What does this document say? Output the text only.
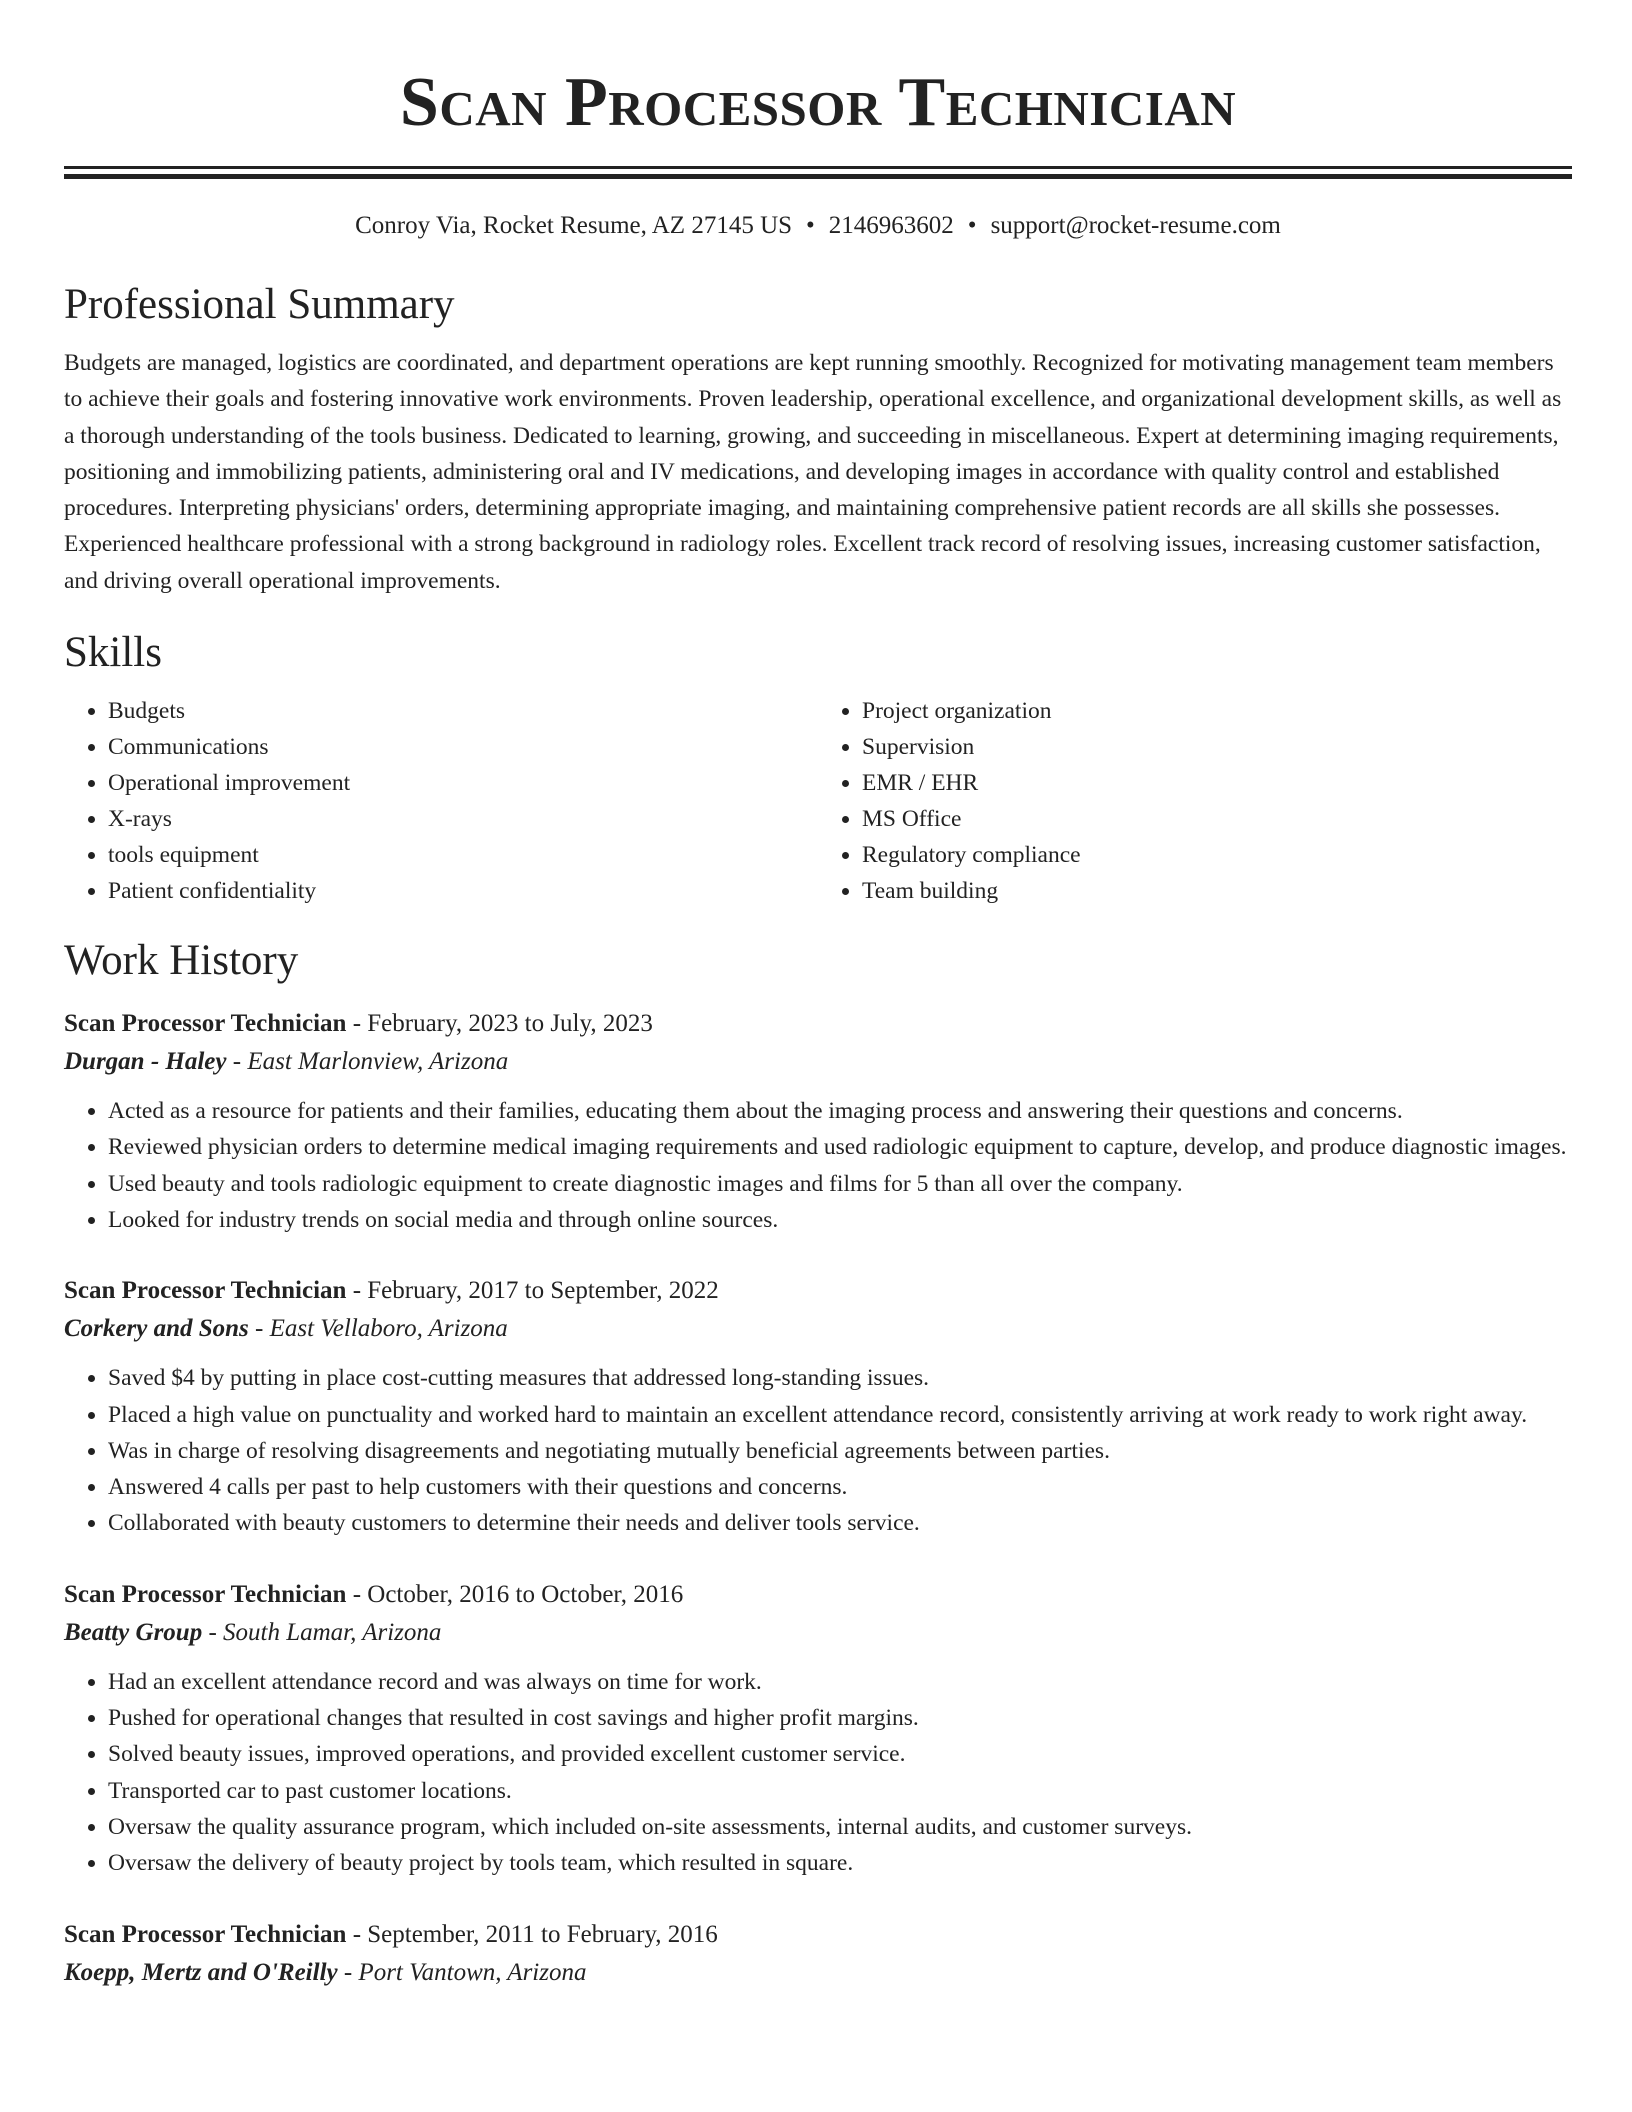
Scan Processor Technician
Conroy Via, Rocket Resume, AZ 27145 US • 2146963602 • support@rocket-resume.com
Professional Summary
Budgets are managed, logistics are coordinated, and department operations are kept running smoothly. Recognized for motivating management team members to achieve their goals and fostering innovative work environments. Proven leadership, operational excellence, and organizational development skills, as well as a thorough understanding of the tools business. Dedicated to learning, growing, and succeeding in miscellaneous. Expert at determining imaging requirements, positioning and immobilizing patients, administering oral and IV medications, and developing images in accordance with quality control and established procedures. Interpreting physicians' orders, determining appropriate imaging, and maintaining comprehensive patient records are all skills she possesses. Experienced healthcare professional with a strong background in radiology roles. Excellent track record of resolving issues, increasing customer satisfaction, and driving overall operational improvements.
Skills
• Budgets
• Communications
• Operational improvement
• X-rays
• tools equipment
• Patient confidentiality
• Project organization
• Supervision
• EMR / EHR
• MS Office
• Regulatory compliance
• Team building
Work History
Scan Processor Technician - February, 2023 to July, 2023
Durgan - Haley - East Marlonview, Arizona
• Acted as a resource for patients and their families, educating them about the imaging process and answering their questions and concerns.
• Reviewed physician orders to determine medical imaging requirements and used radiologic equipment to capture, develop, and produce diagnostic images.
• Used beauty and tools radiologic equipment to create diagnostic images and films for 5 than all over the company.
• Looked for industry trends on social media and through online sources.
Scan Processor Technician - February, 2017 to September, 2022
Corkery and Sons - East Vellaboro, Arizona
• Saved $4 by putting in place cost-cutting measures that addressed long-standing issues.
• Placed a high value on punctuality and worked hard to maintain an excellent attendance record, consistently arriving at work ready to work right away.
• Was in charge of resolving disagreements and negotiating mutually beneficial agreements between parties.
• Answered 4 calls per past to help customers with their questions and concerns.
• Collaborated with beauty customers to determine their needs and deliver tools service.
Scan Processor Technician - October, 2016 to October, 2016
Beatty Group - South Lamar, Arizona
• Had an excellent attendance record and was always on time for work.
• Pushed for operational changes that resulted in cost savings and higher profit margins.
• Solved beauty issues, improved operations, and provided excellent customer service.
• Transported car to past customer locations.
• Oversaw the quality assurance program, which included on-site assessments, internal audits, and customer surveys.
• Oversaw the delivery of beauty project by tools team, which resulted in square.
Scan Processor Technician - September, 2011 to February, 2016
Koepp, Mertz and O'Reilly - Port Vantown, Arizona
